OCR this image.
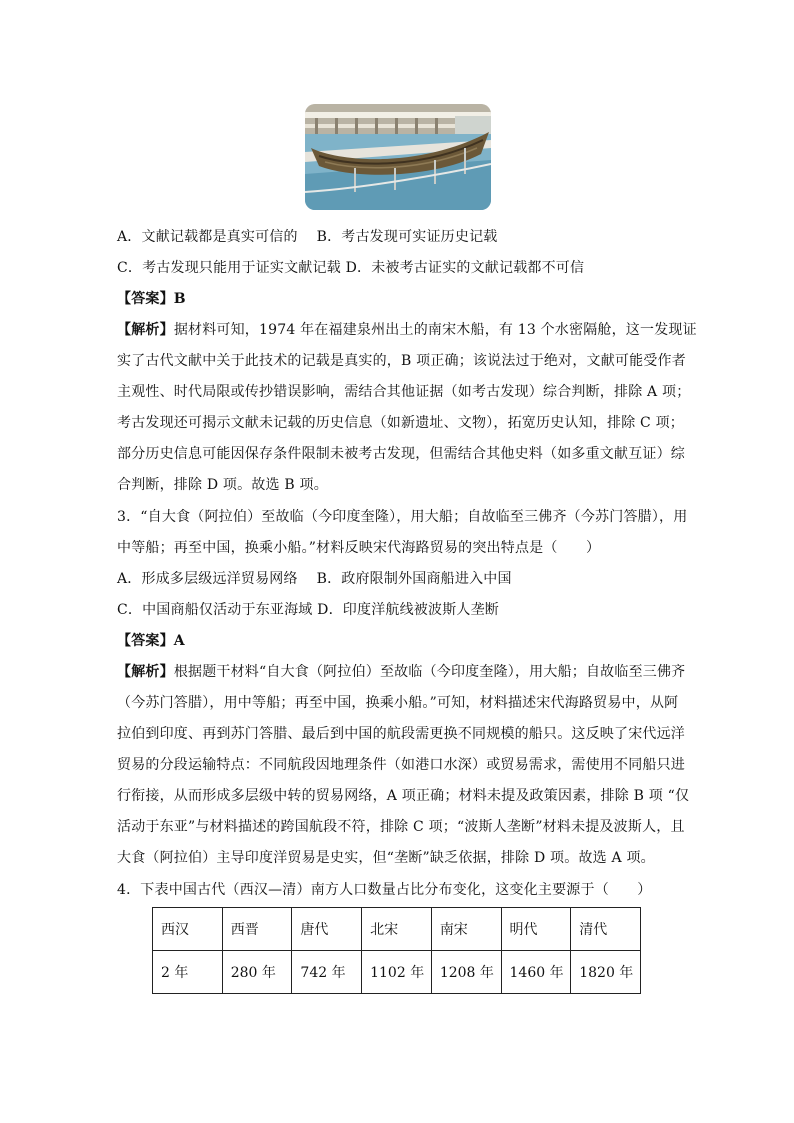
A．文献记载都是真实可信的　 B．考古发现可实证历史记载
C．考古发现只能用于证实文献记载 D．未被考古证实的文献记载都不可信
【答案】B
【解析】据材料可知，1974 年在福建泉州出土的南宋木船，有 13 个水密隔舱，这一发现证
实了古代文献中关于此技术的记载是真实的，B 项正确；该说法过于绝对，文献可能受作者
主观性、时代局限或传抄错误影响，需结合其他证据（如考古发现）综合判断，排除 A 项；
考古发现还可揭示文献未记载的历史信息（如新遗址、文物），拓宽历史认知，排除 C 项；
部分历史信息可能因保存条件限制未被考古发现，但需结合其他史料（如多重文献互证）综
合判断，排除 D 项。故选 B 项。
3．“自大食（阿拉伯）至故临（今印度奎隆），用大船；自故临至三佛齐（今苏门答腊），用
中等船；再至中国，换乘小船。”材料反映宋代海路贸易的突出特点是（　　）
A．形成多层级远洋贸易网络　 B．政府限制外国商船进入中国
C．中国商船仅活动于东亚海域 D．印度洋航线被波斯人垄断
【答案】A
【解析】根据题干材料“自大食（阿拉伯）至故临（今印度奎隆），用大船；自故临至三佛齐
（今苏门答腊），用中等船；再至中国，换乘小船。”可知，材料描述宋代海路贸易中，从阿
拉伯到印度、再到苏门答腊、最后到中国的航段需更换不同规模的船只。这反映了宋代远洋
贸易的分段运输特点：不同航段因地理条件（如港口水深）或贸易需求，需使用不同船只进
行衔接，从而形成多层级中转的贸易网络，A 项正确；材料未提及政策因素，排除 B 项 “仅
活动于东亚”与材料描述的跨国航段不符，排除 C 项；“波斯人垄断”材料未提及波斯人，且
大食（阿拉伯）主导印度洋贸易是史实，但“垄断”缺乏依据，排除 D 项。故选 A 项。
4．下表中国古代（西汉—清）南方人口数量占比分布变化，这变化主要源于（　　）
西汉	西晋	唐代	北宋	南宋	明代	清代
2 年	280 年	742 年	1102 年	1208 年	1460 年	1820 年
